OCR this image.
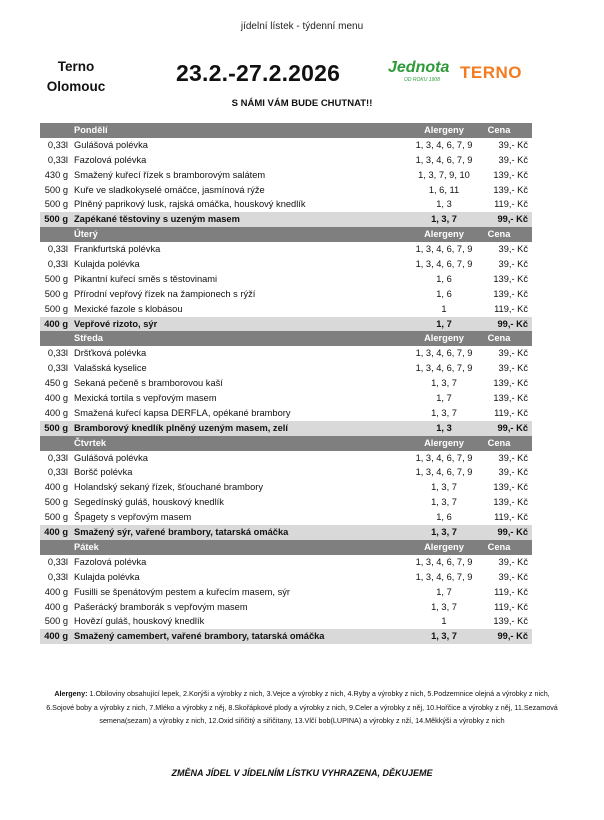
jídelní lístek - týdenní menu
Terno
Olomouc
23.2.-27.2.2026	Jednota
OD ROKU 1908	TERNO
S NÁMI VÁM BUDE CHUTNAT!!
Pondělí	Alergeny	Cena
0,33l Gulášová polévka	1, 3, 4, 6, 7, 9	39,- Kč
0,33l Fazolová polévka	1, 3, 4, 6, 7, 9	39,- Kč
430 g Smažený kuřecí řízek s bramborovým salátem	1, 3, 7, 9, 10	139,- Kč
500 g Kuře ve sladkokyselé omáčce, jasmínová rýže	1, 6, 11	139,- Kč
500 g Plněný paprikový lusk, rajská omáčka, houskový knedlík	1, 3	119,- Kč
500 g Zapékané těstoviny s uzeným masem	1, 3, 7	99,- Kč
Úterý	Alergeny	Cena
0,33l Frankfurtská polévka	1, 3, 4, 6, 7, 9	39,- Kč
0,33l Kulajda polévka	1, 3, 4, 6, 7, 9	39,- Kč
500 g Pikantní kuřecí směs s těstovinami	1, 6	139,- Kč
500 g Přírodní vepřový řízek na žampionech s rýží	1, 6	139,- Kč
500 g Mexické fazole s klobásou	1	119,- Kč
400 g Vepřové rizoto, sýr	1, 7	99,- Kč
Středa	Alergeny	Cena
0,33l Dršťková polévka	1, 3, 4, 6, 7, 9	39,- Kč
0,33l Valašská kyselice	1, 3, 4, 6, 7, 9	39,- Kč
450 g Sekaná pečeně s bramborovou kaší	1, 3, 7	139,- Kč
400 g Mexická tortila s vepřovým masem	1, 7	139,- Kč
400 g Smažená kuřecí kapsa DERFLA, opékané brambory	1, 3, 7	119,- Kč
500 g Bramborový knedlík plněný uzeným masem, zelí	1, 3	99,- Kč
Čtvrtek	Alergeny	Cena
0,33l Gulášová polévka	1, 3, 4, 6, 7, 9	39,- Kč
0,33l Boršč polévka	1, 3, 4, 6, 7, 9	39,- Kč
400 g Holandský sekaný řízek, šťouchané brambory	1, 3, 7	139,- Kč
500 g Segedínský guláš, houskový knedlík	1, 3, 7	139,- Kč
500 g Špagety s vepřovým masem	1, 6	119,- Kč
400 g Smažený sýr, vařené brambory, tatarská omáčka	1, 3, 7	99,- Kč
Pátek	Alergeny	Cena
0,33l Fazolová polévka	1, 3, 4, 6, 7, 9	39,- Kč
0,33l Kulajda polévka	1, 3, 4, 6, 7, 9	39,- Kč
400 g Fusilli se špenátovým pestem a kuřecím masem, sýr	1, 7	119,- Kč
400 g Pašerácký bramborák s vepřovým masem	1, 3, 7	119,- Kč
500 g Hovězí guláš, houskový knedlík	1	139,- Kč
400 g Smažený camembert, vařené brambory, tatarská omáčka	1, 3, 7	99,- Kč
Alergeny: 1.Obiloviny obsahující lepek, 2.Korýši a výrobky z nich, 3.Vejce a výrobky z nich, 4.Ryby a výrobky z nich, 5.Podzemnice olejná a výrobky z nich, 6.Sojové boby a výrobky z nich, 7.Mléko a výrobky z něj, 8.Skořápkové plody a výrobky z nich, 9.Celer a výrobky z něj, 10.Hořčice a výrobky z něj, 11.Sezamová semena(sezam) a výrobky z nich, 12.Oxid siřičitý a siřičitany, 13.Vlčí bob(LUPINA) a výrobky z nží, 14.Měkkýši a výrobky z nich
ZMĚNA JÍDEL V JÍDELNÍM LÍSTKU VYHRAZENA, DĚKUJEME
